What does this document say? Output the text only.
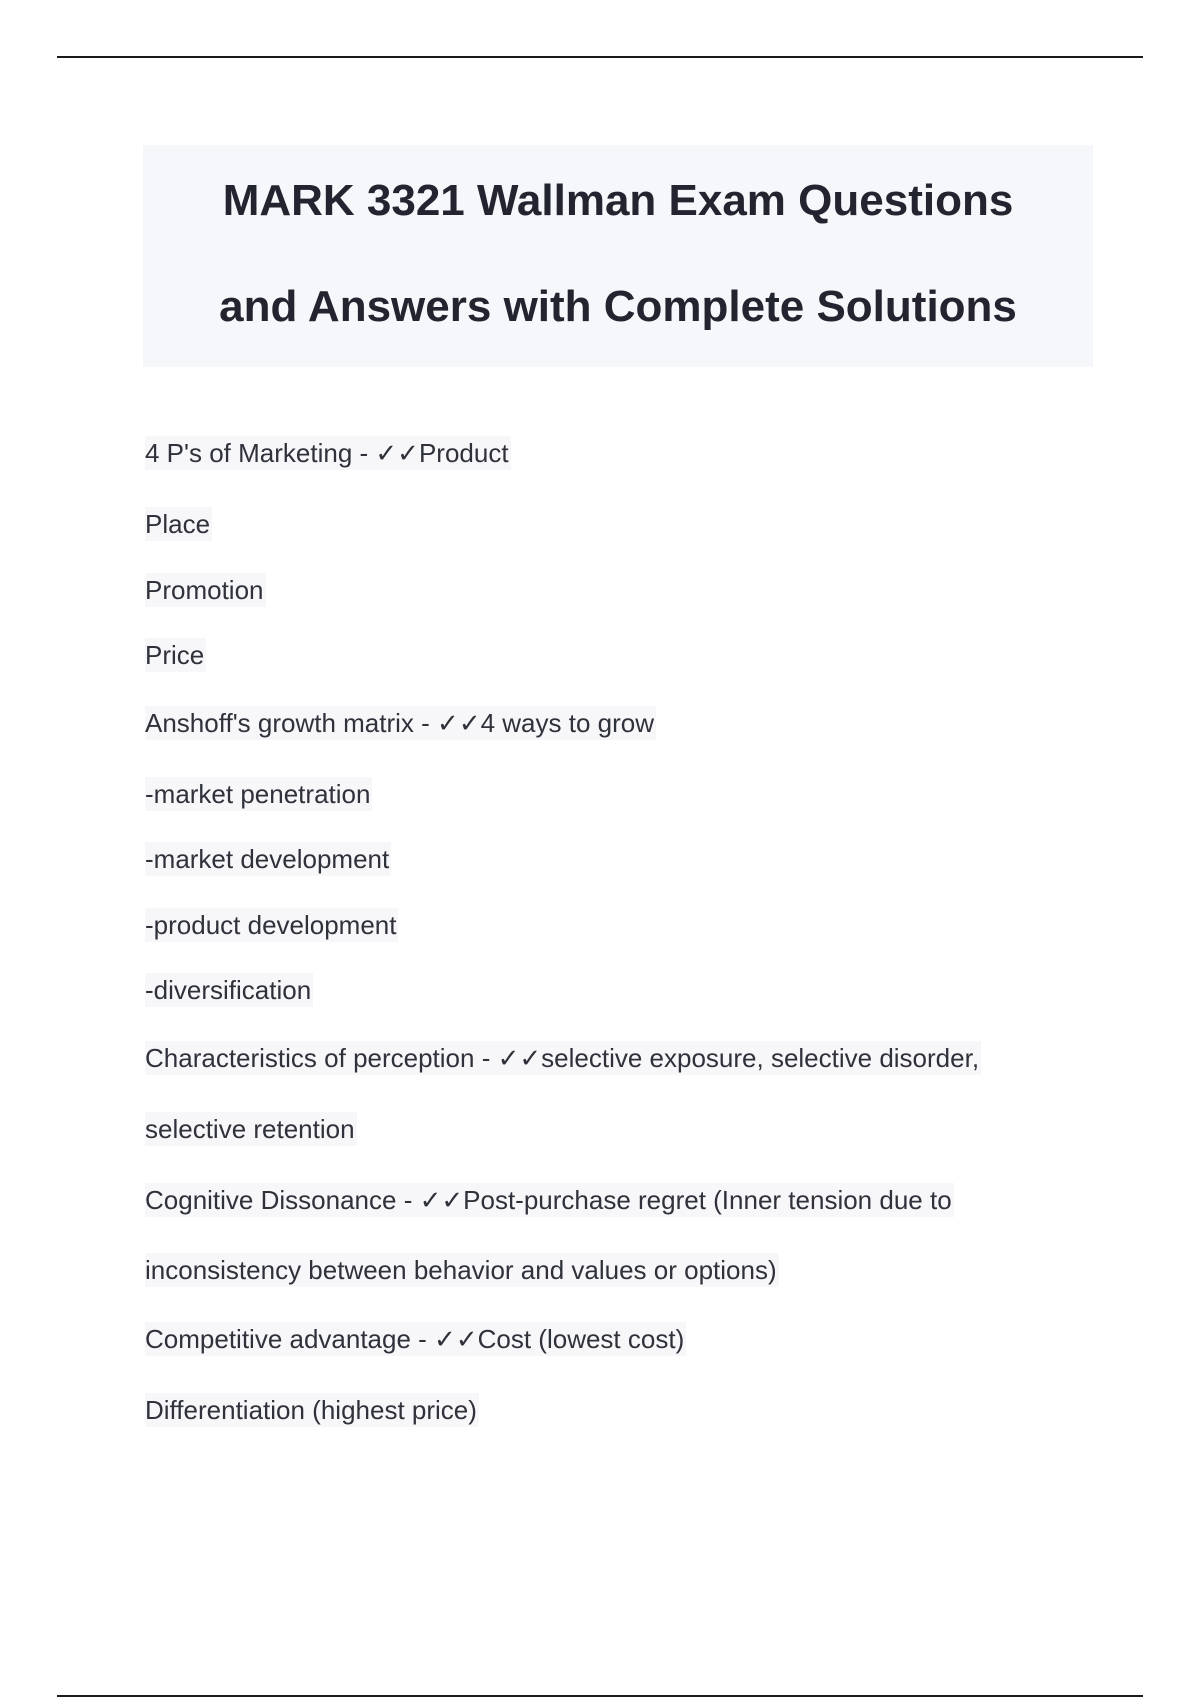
MARK 3321 Wallman Exam Questions
and Answers with Complete Solutions
4 P's of Marketing - ✓✓Product
Place
Promotion
Price
Anshoff's growth matrix - ✓✓4 ways to grow
-market penetration
-market development
-product development
-diversification
Characteristics of perception - ✓✓selective exposure, selective disorder,
selective retention
Cognitive Dissonance - ✓✓Post-purchase regret (Inner tension due to
inconsistency between behavior and values or options)
Competitive advantage - ✓✓Cost (lowest cost)
Differentiation (highest price)
